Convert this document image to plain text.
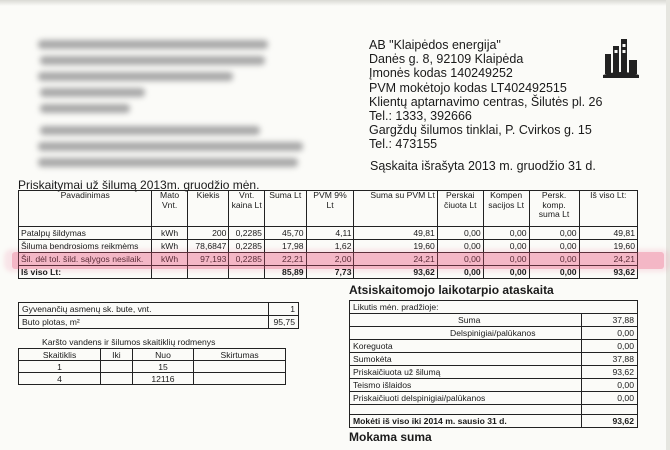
AB "Klaipėdos energija"
Danės g. 8, 92109 Klaipėda
Įmonės kodas 140249252
PVM mokėtojo kodas LT402492515
Klientų aptarnavimo centras, Šilutės pl. 26
Tel.: 1333, 392666
Gargždų šilumos tinklai, P. Cvirkos g. 15
Tel.: 473155
Sąskaita išrašyta 2013 m. gruodžio 31 d.
Priskaitymai už šilumą 2013m. gruodžio mėn.
Pavadinimas	Mato Vnt.	Kiekis	Vnt. kaina Lt	Suma Lt	PVM 9% Lt	Suma su PVM Lt	Perskai čiuota Lt	Kompen sacijos Lt	Persk. komp. suma Lt	Iš viso Lt:
Patalpų šildymas	kWh	200	0,2285	45,70	4,11	49,81	0,00	0,00	0,00	49,81
Šiluma bendrosioms reikmėms	kWh	78,6847	0,2285	17,98	1,62	19,60	0,00	0,00	0,00	19,60
Šil. dėl tol. šild. sąlygos nesilaik.	kWh	97,193	0,2285	22,21	2,00	24,21	0,00	0,00	0,00	24,21
Iš viso Lt:				85,89	7,73	93,62	0,00	0,00	0,00	93,62
Gyvenančių asmenų sk. bute, vnt.	1
Buto plotas, m²	95,75
Karšto vandens ir šilumos skaitiklių rodmenys
Skaitiklis	Iki	Nuo	Skirtumas
1		15	
4		12116	
Atsiskaitomojo laikotarpio ataskaita
Likutis mėn. pradžioje:	
Suma	37,88
Delspinigiai/palūkanos	0,00
Koreguota	0,00
Sumokėta	37,88
Priskaičiuota už šilumą	93,62
Teismo išlaidos	0,00
Priskaičiuoti delspinigiai/palūkanos	0,00

Mokėti iš viso iki 2014 m. sausio 31 d.	93,62
Mokama suma
